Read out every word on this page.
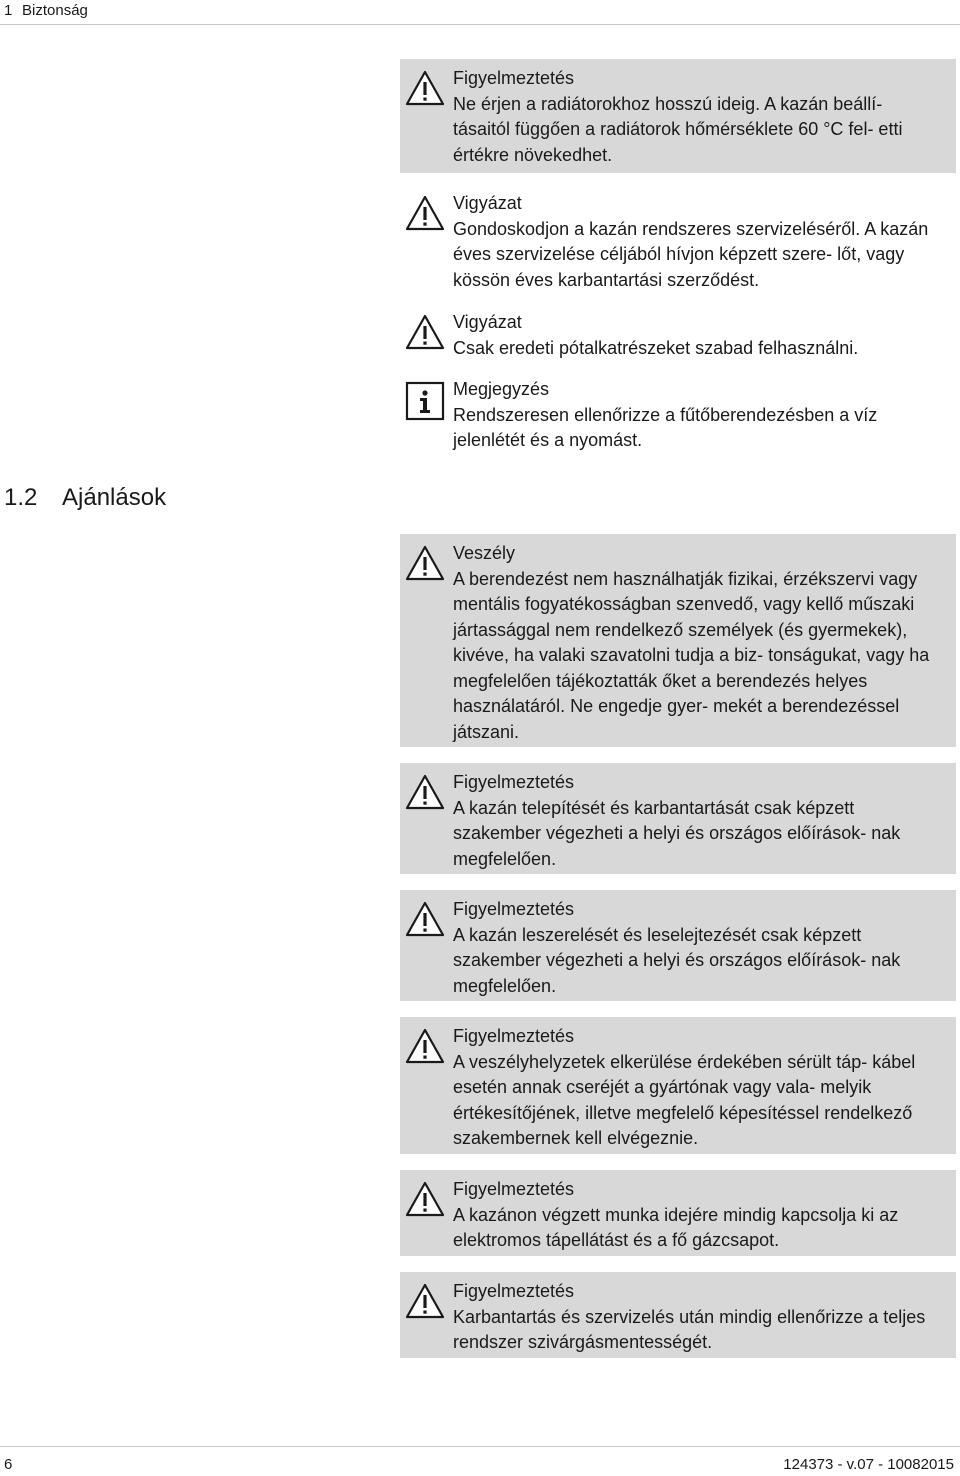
1 Biztonság
Figyelmeztetés
Ne érjen a radiátorokhoz hosszú ideig. A kazán beállí- tásaitól függően a radiátorok hőmérséklete 60 °C fel- etti értékre növekedhet.
Vigyázat
Gondoskodjon a kazán rendszeres szervizeléséről. A kazán éves szervizelése céljából hívjon képzett szere- lőt, vagy kössön éves karbantartási szerződést.
Vigyázat
Csak eredeti pótalkatrészeket szabad felhasználni.
Megjegyzés
Rendszeresen ellenőrizze a fűtőberendezésben a víz jelenlétét és a nyomást.
1.2 Ajánlások
Veszély
A berendezést nem használhatják fizikai, érzékszervi vagy mentális fogyatékosságban szenvedő, vagy kellő műszaki jártassággal nem rendelkező személyek (és gyermekek), kivéve, ha valaki szavatolni tudja a biz- tonságukat, vagy ha megfelelően tájékoztatták őket a berendezés helyes használatáról. Ne engedje gyer- mekét a berendezéssel játszani.
Figyelmeztetés
A kazán telepítését és karbantartását csak képzett szakember végezheti a helyi és országos előírások- nak megfelelően.
Figyelmeztetés
A kazán leszerelését és leselejtezését csak képzett szakember végezheti a helyi és országos előírások- nak megfelelően.
Figyelmeztetés
A veszélyhelyzetek elkerülése érdekében sérült táp- kábel esetén annak cseréjét a gyártónak vagy vala- melyik értékesítőjének, illetve megfelelő képesítéssel rendelkező szakembernek kell elvégeznie.
Figyelmeztetés
A kazánon végzett munka idejére mindig kapcsolja ki az elektromos tápellátást és a fő gázcsapot.
Figyelmeztetés
Karbantartás és szervizelés után mindig ellenőrizze a teljes rendszer szivárgásmentességét.
6	124373 - v.07 - 10082015
